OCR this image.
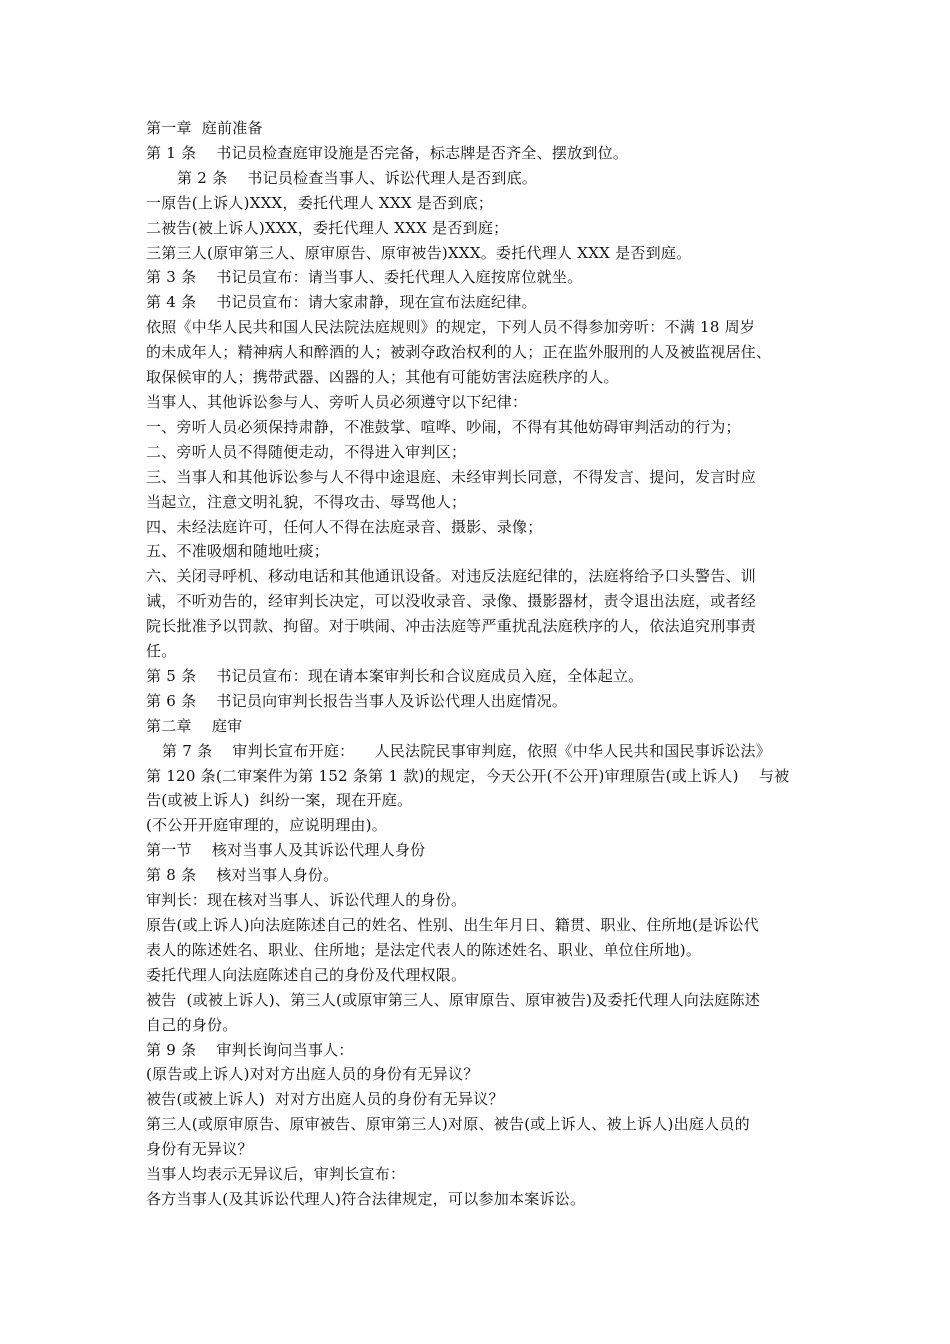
第一章  庭前准备

第 1 条    书记员检查庭审设施是否完备，标志牌是否齐全、摆放到位。

第 2 条    书记员检查当事人、诉讼代理人是否到底。

一原告(上诉人)XXX，委托代理人 XXX 是否到底；

二被告(被上诉人)XXX，委托代理人 XXX 是否到庭；

三第三人(原审第三人、原审原告、原审被告)XXX。委托代理人 XXX 是否到庭。

第 3 条    书记员宣布：请当事人、委托代理人入庭按席位就坐。

第 4 条    书记员宣布：请大家肃静，现在宣布法庭纪律。

依照《中华人民共和国人民法院法庭规则》的规定，下列人员不得参加旁听：不满 18 周岁

的未成年人；精神病人和醉酒的人；被剥夺政治权利的人；正在监外服刑的人及被监视居住、

取保候审的人；携带武器、凶器的人；其他有可能妨害法庭秩序的人。

当事人、其他诉讼参与人、旁听人员必须遵守以下纪律：

一、旁听人员必须保持肃静，不准鼓掌、喧哗、吵闹，不得有其他妨碍审判活动的行为；

二、旁听人员不得随便走动，不得进入审判区；

三、当事人和其他诉讼参与人不得中途退庭、未经审判长同意，不得发言、提问，发言时应

当起立，注意文明礼貌，不得攻击、辱骂他人；

四、未经法庭许可，任何人不得在法庭录音、摄影、录像；

五、不准吸烟和随地吐痰；

六、关闭寻呼机、移动电话和其他通讯设备。对违反法庭纪律的，法庭将给予口头警告、训

诫，不听劝告的，经审判长决定，可以没收录音、录像、摄影器材，责令退出法庭，或者经

院长批准予以罚款、拘留。对于哄闹、冲击法庭等严重扰乱法庭秩序的人，依法追究刑事责

任。

第 5 条    书记员宣布：现在请本案审判长和合议庭成员入庭，全体起立。

第 6 条    书记员向审判长报告当事人及诉讼代理人出庭情况。

第二章    庭审

第 7 条    审判长宣布开庭：    人民法院民事审判庭，依照《中华人民共和国民事诉讼法》

第 120 条(二审案件为第 152 条第 1 款)的规定，今天公开(不公开)审理原告(或上诉人)    与被

告(或被上诉人)  纠纷一案，现在开庭。

(不公开开庭审理的，应说明理由)。

第一节    核对当事人及其诉讼代理人身份

第 8 条    核对当事人身份。

审判长：现在核对当事人、诉讼代理人的身份。

原告(或上诉人)向法庭陈述自己的姓名、性别、出生年月日、籍贯、职业、住所地(是诉讼代

表人的陈述姓名、职业、住所地；是法定代表人的陈述姓名、职业、单位住所地)。

委托代理人向法庭陈述自己的身份及代理权限。

被告  (或被上诉人)、第三人(或原审第三人、原审原告、原审被告)及委托代理人向法庭陈述

自己的身份。

第 9 条    审判长询问当事人：

(原告或上诉人)对对方出庭人员的身份有无异议？

被告(或被上诉人)  对对方出庭人员的身份有无异议？

第三人(或原审原告、原审被告、原审第三人)对原、被告(或上诉人、被上诉人)出庭人员的

身份有无异议？

当事人均表示无异议后，审判长宣布：

各方当事人(及其诉讼代理人)符合法律规定，可以参加本案诉讼。
